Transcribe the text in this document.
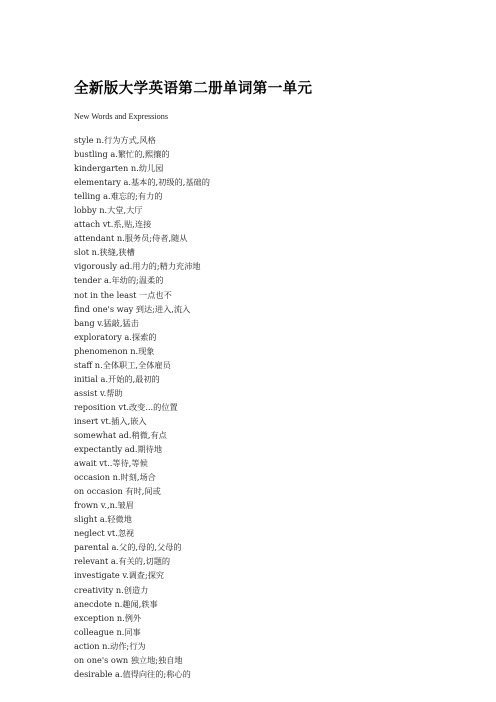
全新版大学英语第二册单词第一单元
New Words and Expressions
style n.行为方式,风格
bustling a.繁忙的,熙攘的
kindergarten n.幼儿园
elementary a.基本的,初级的,基础的
telling a.难忘的;有力的
lobby n.大堂,大厅
attach vt.系,贴,连接
attendant n.服务员;侍者,随从
slot n.狭缝,狭槽
vigorously ad.用力的;精力充沛地
tender a.年幼的;温柔的
not in the least 一点也不
find one's way 到达;进入,流入
bang v.猛敲,猛击
exploratory a.探索的
phenomenon n.现象
staff n.全体职工,全体雇员
initial a.开始的,最初的
assist v.帮助
reposition vt.改变...的位置
insert vt.插入,嵌入
somewhat ad.稍微,有点
expectantly ad.期待地
await vt..等待,等候
occasion n.时刻,场合
on occasion 有时,间或
frown v.,n.皱眉
slight a.轻微地
neglect vt.忽视
parental a.父的,母的,父母的
relevant a.有关的,切题的
investigate v.调查;探究
creativity n.创造力
anecdote n.趣闻,轶事
exception n.例外
colleague n.同事
action n.动作;行为
on one's own 独立地;独自地
desirable a.值得向往的;称心的
